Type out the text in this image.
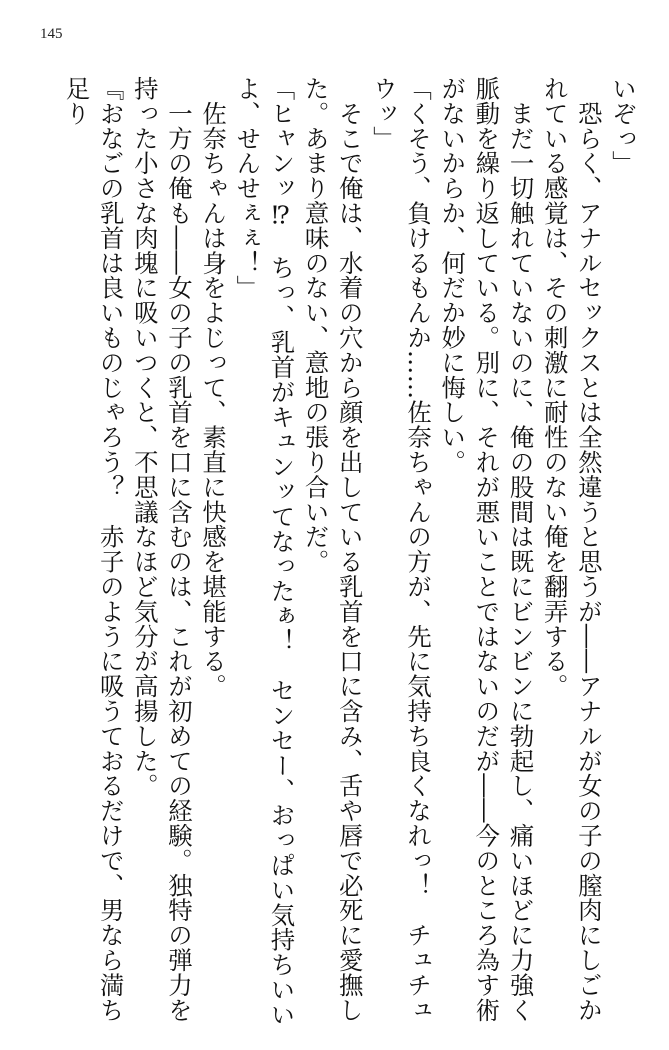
145

いぞっ」

　恐らく、アナルセックスとは全然違うと思うが――アナルが女の子の膣肉にしごかれている感覚は、その刺激に耐性のない俺を翻弄する。

　まだ一切触れていないのに、俺の股間は既にビンビンに勃起し、痛いほどに力強く脈動を繰り返している。別に、それが悪いことではないのだが――今のところ為す術がないからか、何だか妙に悔しい。

「くそう、負けるもんか……佐奈ちゃんの方が、先に気持ち良くなれっ！　チュチュウッ」

　そこで俺は、水着の穴から顔を出している乳首を口に含み、舌や唇で必死に愛撫した。あまり意味のない、意地の張り合いだ。

「ヒャンッ⁉　ちっ、乳首がキュンッてなったぁ！　センセー、おっぱい気持ちいいよ、せんせぇぇ！」

　佐奈ちゃんは身をよじって、素直に快感を堪能する。

　一方の俺も――女の子の乳首を口に含むのは、これが初めての経験。独特の弾力を持った小さな肉塊に吸いつくと、不思議なほど気分が高揚した。

『おなごの乳首は良いものじゃろう？　赤子のように吸うておるだけで、男なら満ち足り
